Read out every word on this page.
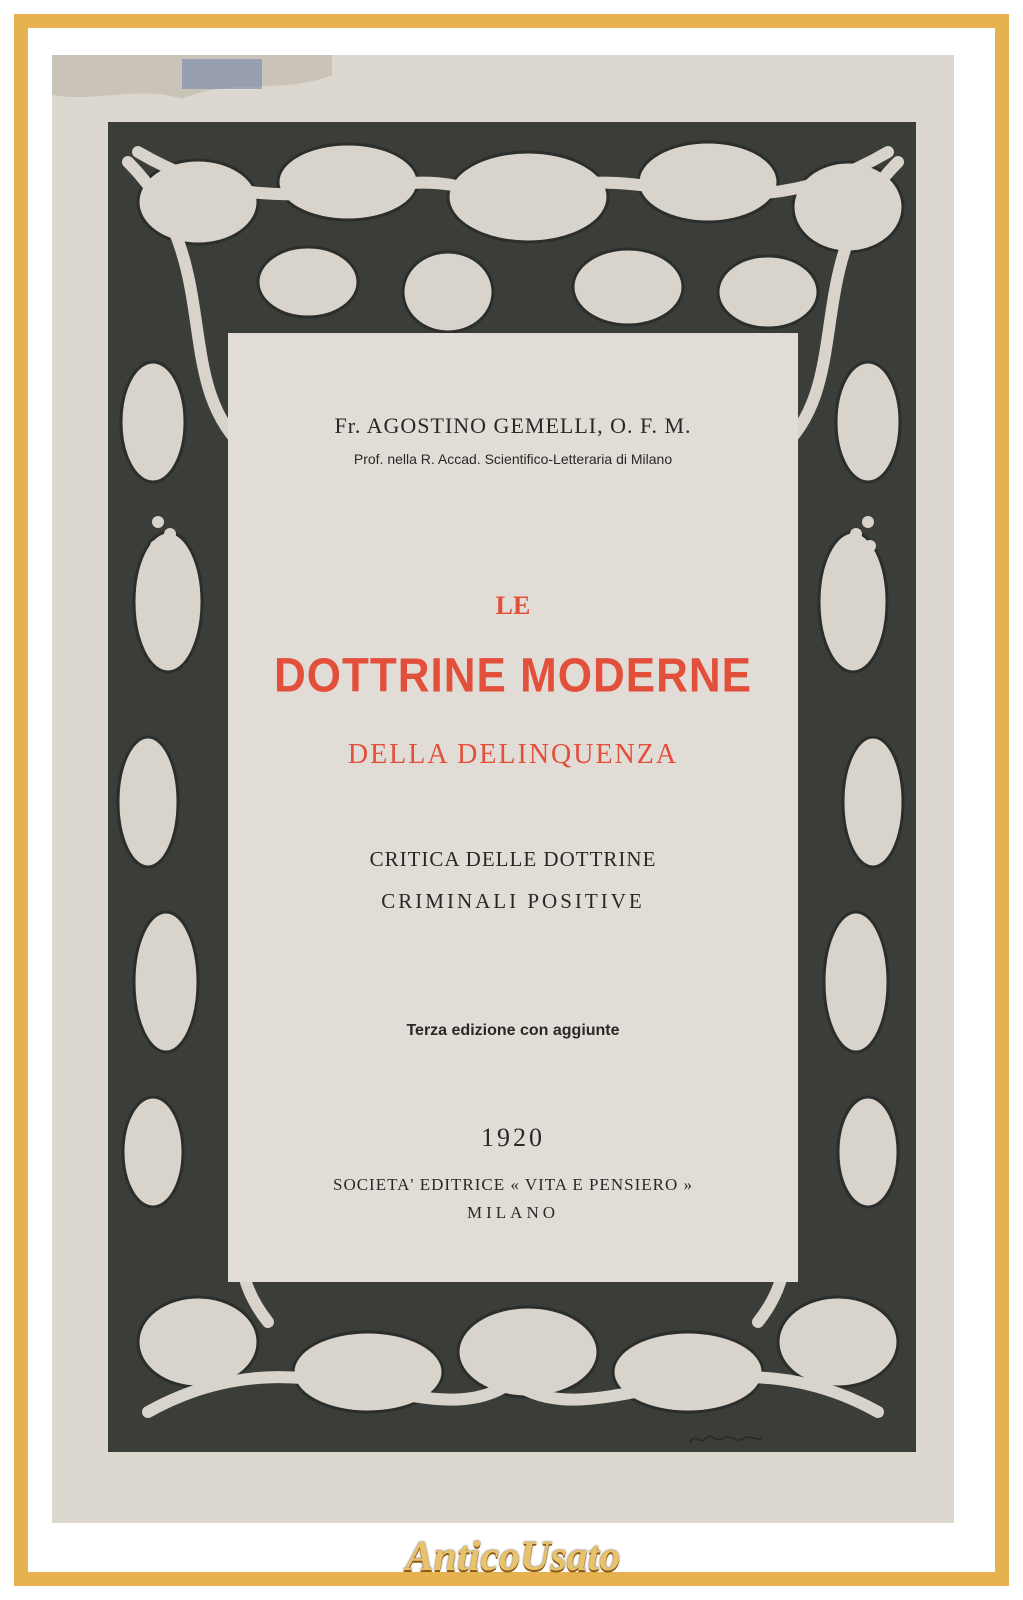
Fr. AGOSTINO GEMELLI, O. F. M.
Prof. nella R. Accad. Scientifico-Letteraria di Milano
LE
DOTTRINE MODERNE
DELLA DELINQUENZA
CRITICA DELLE DOTTRINE
CRIMINALI POSITIVE
Terza edizione con aggiunte
1920
SOCIETA' EDITRICE « VITA E PENSIERO »
MILANO
AnticoUsato
